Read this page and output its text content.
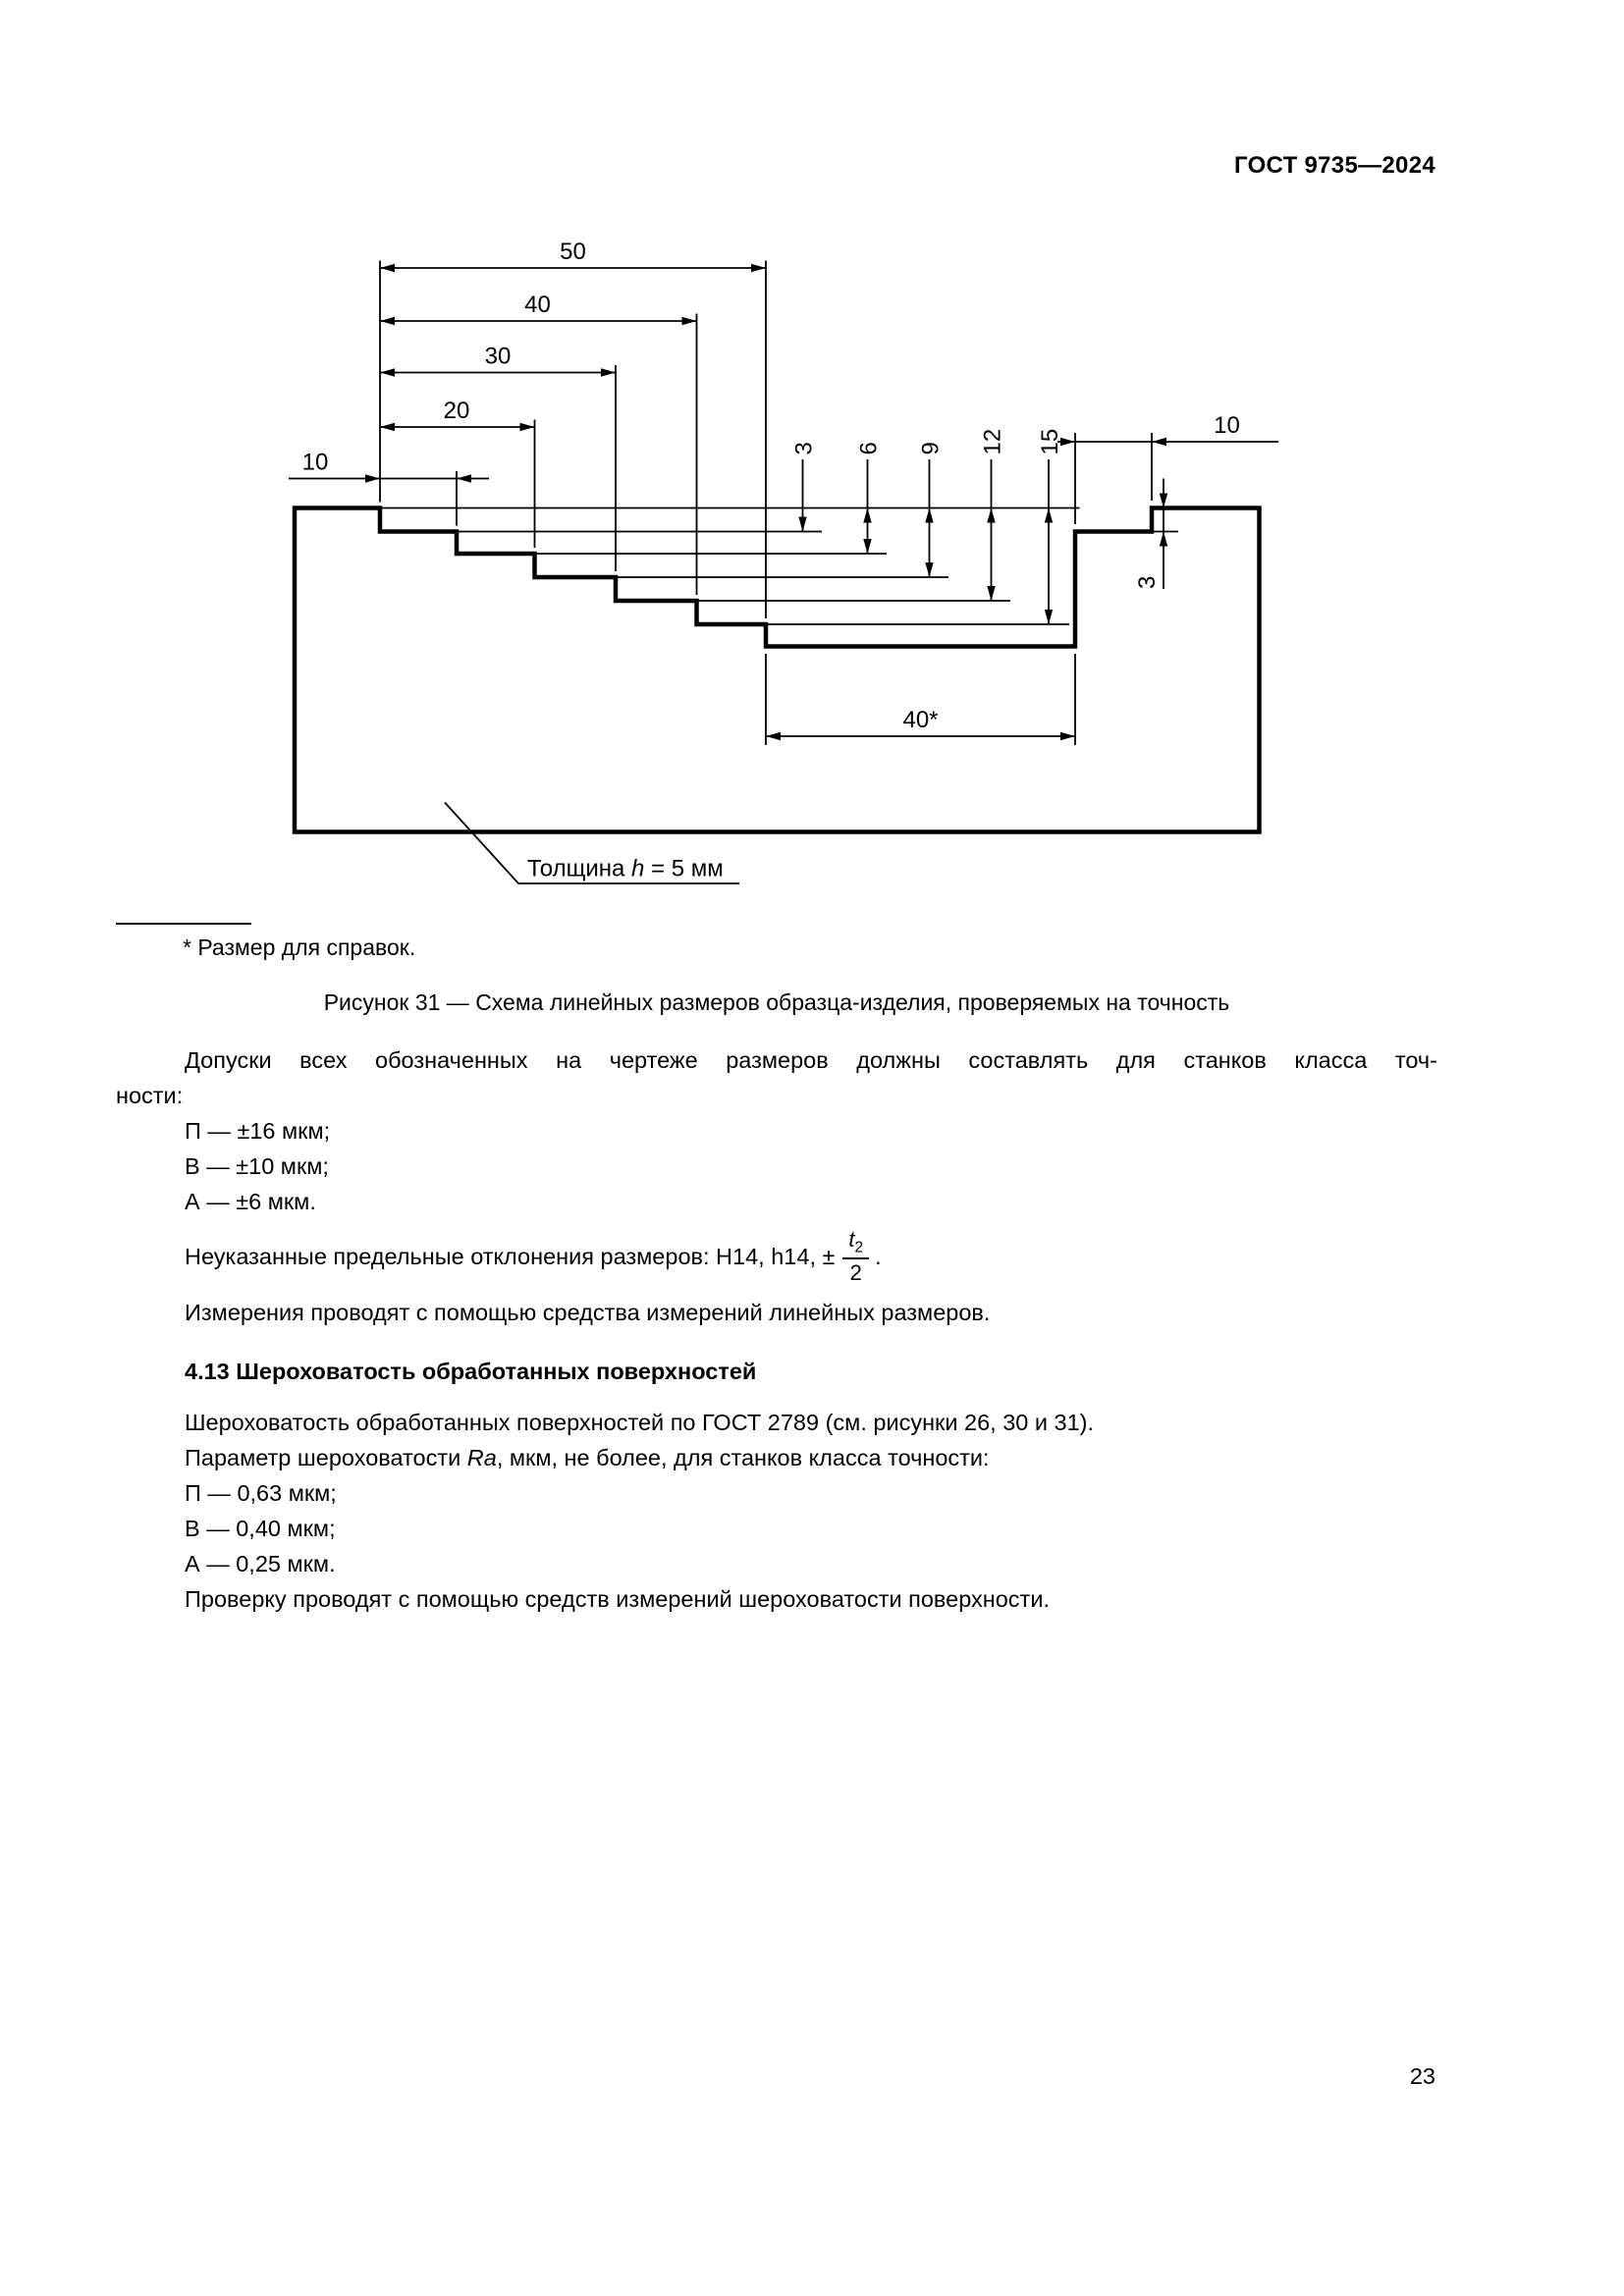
ГОСТ 9735—2024
10
20
30
40
50
3 6 9 12 15
10
3
40*
Толщина h = 5 мм
* Размер для справок.
Рисунок 31 — Схема линейных размеров образца-изделия, проверяемых на точность
Допуски всех обозначенных на чертеже размеров должны составлять для станков класса точ-
ности:
П — ±16 мкм;
В — ±10 мкм;
А — ±6 мкм.
Неуказанные предельные отклонения размеров: H14, h14, ± $\frac{t_2}{2}$ .
Измерения проводят с помощью средства измерений линейных размеров.
4.13 Шероховатость обработанных поверхностей
Шероховатость обработанных поверхностей по ГОСТ 2789 (см. рисунки 26, 30 и 31).
Параметр шероховатости Ra, мкм, не более, для станков класса точности:
П — 0,63 мкм;
В — 0,40 мкм;
А — 0,25 мкм.
Проверку проводят с помощью средств измерений шероховатости поверхности.
23
